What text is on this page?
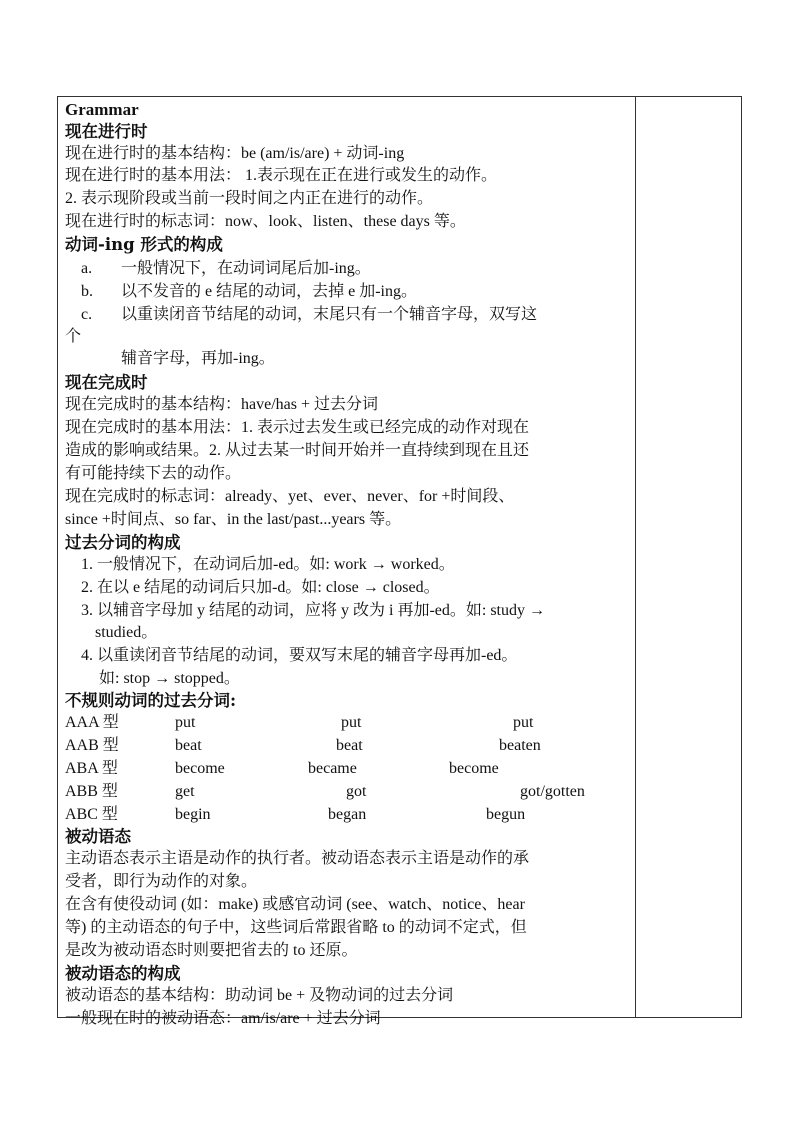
Grammar
现在进行时
现在进行时的基本结构：be (am/is/are) + 动词-ing
现在进行时的基本用法： 1.表示现在正在进行或发生的动作。
2. 表示现阶段或当前一段时间之内正在进行的动作。
现在进行时的标志词：now、look、listen、these days 等。
动词-ing 形式的构成
a. 一般情况下，在动词词尾后加-ing。
b. 以不发音的 e 结尾的动词，去掉 e 加-ing。
c. 以重读闭音节结尾的动词，末尾只有一个辅音字母，双写这
个
辅音字母，再加-ing。
现在完成时
现在完成时的基本结构：have/has + 过去分词
现在完成时的基本用法：1. 表示过去发生或已经完成的动作对现在
造成的影响或结果。2. 从过去某一时间开始并一直持续到现在且还
有可能持续下去的动作。
现在完成时的标志词：already、yet、ever、never、for +时间段、
since +时间点、so far、in the last/past...years 等。
过去分词的构成
1. 一般情况下，在动词后加-ed。如: work → worked。
2. 在以 e 结尾的动词后只加-d。如: close → closed。
3. 以辅音字母加 y 结尾的动词，应将 y 改为 i 再加-ed。如: study →
studied。
4. 以重读闭音节结尾的动词，要双写末尾的辅音字母再加-ed。
如: stop → stopped。
不规则动词的过去分词:
AAA 型	put	put	put
AAB 型	beat	beat	beaten
ABA 型	become	became	become
ABB 型	get	got	got/gotten
ABC 型	begin	began	begun
被动语态
主动语态表示主语是动作的执行者。被动语态表示主语是动作的承
受者，即行为动作的对象。
在含有使役动词 (如：make) 或感官动词 (see、watch、notice、hear
等) 的主动语态的句子中，这些词后常跟省略 to 的动词不定式，但
是改为被动语态时则要把省去的 to 还原。
被动语态的构成
被动语态的基本结构：助动词 be + 及物动词的过去分词
一般现在时的被动语态：am/is/are + 过去分词
